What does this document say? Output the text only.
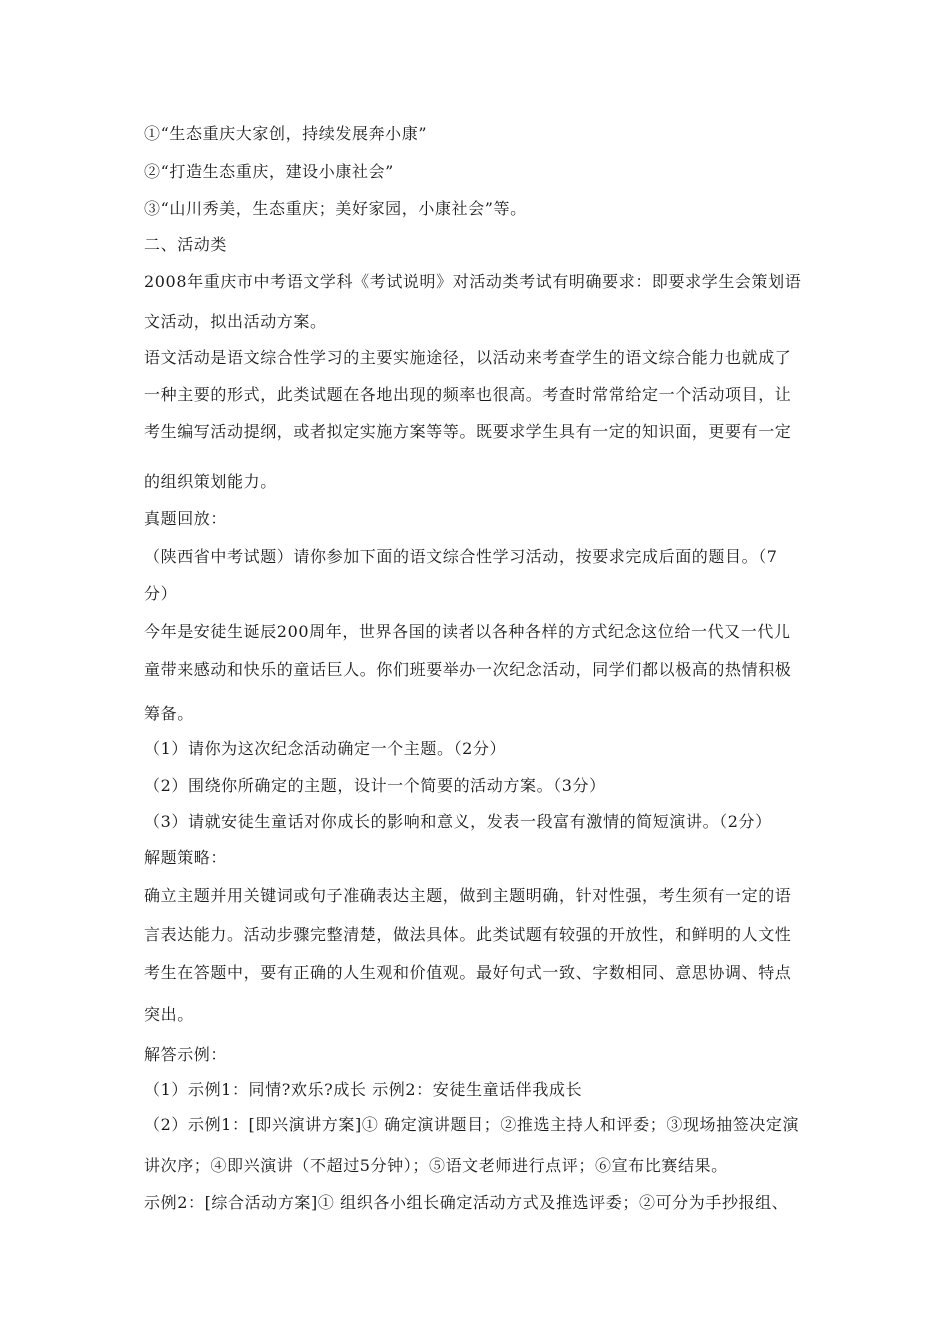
①“生态重庆大家创，持续发展奔小康”
②“打造生态重庆，建设小康社会”
③“山川秀美，生态重庆；美好家园，小康社会”等。
二、活动类
2008年重庆市中考语文学科《考试说明》对活动类考试有明确要求：即要求学生会策划语
文活动，拟出活动方案。
语文活动是语文综合性学习的主要实施途径，以活动来考查学生的语文综合能力也就成了
一种主要的形式，此类试题在各地出现的频率也很高。考查时常常给定一个活动项目，让
考生编写活动提纲，或者拟定实施方案等等。既要求学生具有一定的知识面，更要有一定
的组织策划能力。
真题回放：
（陕西省中考试题）请你参加下面的语文综合性学习活动，按要求完成后面的题目。（7
分）
今年是安徒生诞辰200周年，世界各国的读者以各种各样的方式纪念这位给一代又一代儿
童带来感动和快乐的童话巨人。你们班要举办一次纪念活动，同学们都以极高的热情积极
筹备。
（1）请你为这次纪念活动确定一个主题。（2分）
（2）围绕你所确定的主题，设计一个简要的活动方案。（3分）
（3）请就安徒生童话对你成长的影响和意义，发表一段富有激情的简短演讲。（2分）
解题策略：
确立主题并用关键词或句子准确表达主题，做到主题明确，针对性强，考生须有一定的语
言表达能力。活动步骤完整清楚，做法具体。此类试题有较强的开放性，和鲜明的人文性
考生在答题中，要有正确的人生观和价值观。最好句式一致、字数相同、意思协调、特点
突出。
解答示例：
（1）示例1：同情?欢乐?成长 示例2：安徒生童话伴我成长
（2）示例1：[即兴演讲方案]① 确定演讲题目；②推选主持人和评委；③现场抽签决定演
讲次序；④即兴演讲（不超过5分钟）；⑤语文老师进行点评；⑥宣布比赛结果。
示例2：[综合活动方案]① 组织各小组长确定活动方式及推选评委；②可分为手抄报组、
